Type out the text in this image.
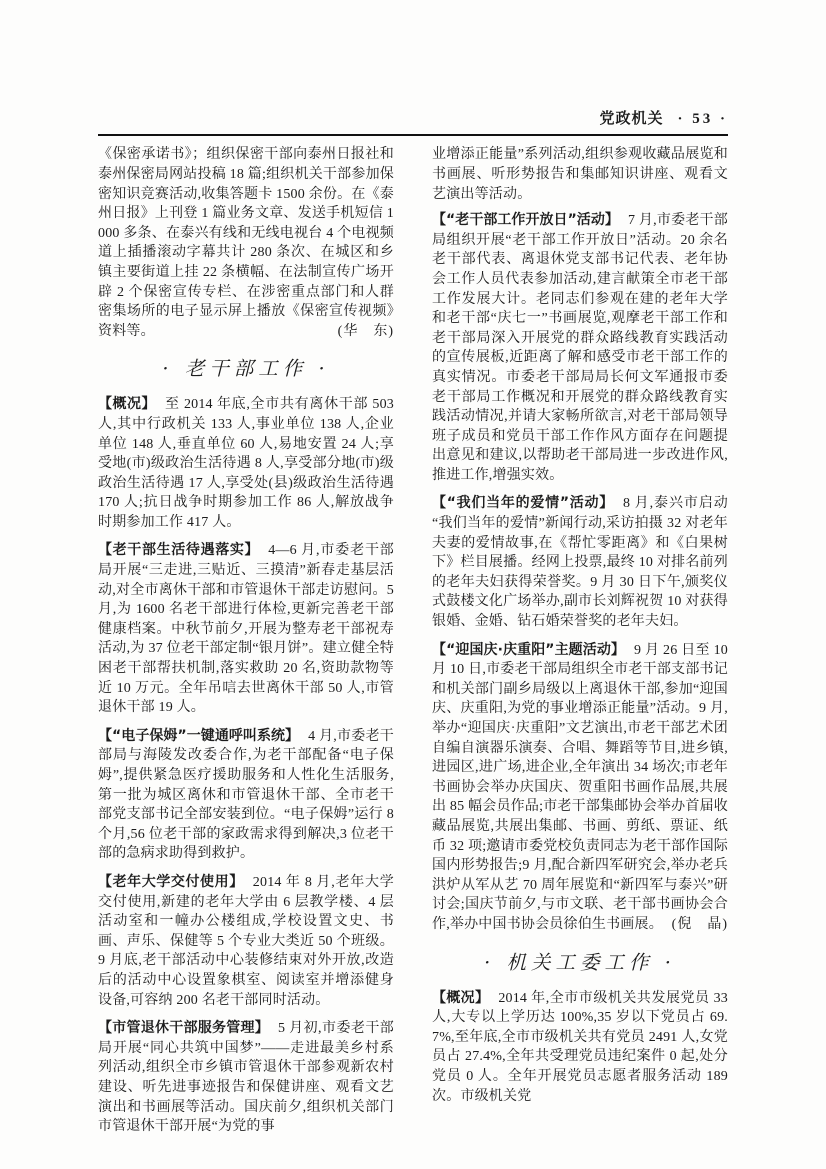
党政机关 · 53 ·

《保密承诺书》；组织保密干部向泰州日报社和泰州保密局网站投稿 18 篇;组织机关干部参加保密知识竞赛活动,收集答题卡 1500 余份。在《泰州日报》上刊登 1 篇业务文章、发送手机短信 1000 多条、在泰兴有线和无线电视台 4 个电视频道上插播滚动字幕共计 280 条次、在城区和乡镇主要街道上挂 22 条横幅、在法制宣传广场开辟 2 个保密宣传专栏、在涉密重点部门和人群密集场所的电子显示屏上播放《保密宣传视频》资料等。	(华　东)

· 老干部工作 ·

【概况】 至 2014 年底,全市共有离休干部 503 人,其中行政机关 133 人,事业单位 138 人,企业单位 148 人,垂直单位 60 人,易地安置 24 人;享受地(市)级政治生活待遇 8 人,享受部分地(市)级政治生活待遇 17 人,享受处(县)级政治生活待遇 170 人;抗日战争时期参加工作 86 人,解放战争时期参加工作 417 人。

【老干部生活待遇落实】 4—6 月,市委老干部局开展“三走进,三贴近、三摸清”新春走基层活动,对全市离休干部和市管退休干部走访慰问。5 月,为 1600 名老干部进行体检,更新完善老干部健康档案。中秋节前夕,开展为整寿老干部祝寿活动,为 37 位老干部定制“银月饼”。建立健全特困老干部帮扶机制,落实救助 20 名,资助款物等近 10 万元。全年吊唁去世离休干部 50 人,市管退休干部 19 人。

【“电子保姆”一键通呼叫系统】 4 月,市委老干部局与海陵发改委合作,为老干部配备“电子保姆”,提供紧急医疗援助服务和人性化生活服务,第一批为城区离休和市管退休干部、全市老干部党支部书记全部安装到位。“电子保姆”运行 8 个月,56 位老干部的家政需求得到解决,3 位老干部的急病求助得到救护。

【老年大学交付使用】 2014 年 8 月,老年大学交付使用,新建的老年大学由 6 层教学楼、4 层活动室和一幢办公楼组成,学校设置文史、书画、声乐、保健等 5 个专业大类近 50 个班级。9 月底,老干部活动中心装修结束对外开放,改造后的活动中心设置象棋室、阅读室并增添健身设备,可容纳 200 名老干部同时活动。

【市管退休干部服务管理】 5 月初,市委老干部局开展“同心共筑中国梦”——走进最美乡村系列活动,组织全市乡镇市管退休干部参观新农村建设、听先进事迹报告和保健讲座、观看文艺演出和书画展等活动。国庆前夕,组织机关部门市管退休干部开展“为党的事

业增添正能量”系列活动,组织参观收藏品展览和书画展、听形势报告和集邮知识讲座、观看文艺演出等活动。

【“老干部工作开放日”活动】 7 月,市委老干部局组织开展“老干部工作开放日”活动。20 余名老干部代表、离退休党支部书记代表、老年协会工作人员代表参加活动,建言献策全市老干部工作发展大计。老同志们参观在建的老年大学和老干部“庆七一”书画展览,观摩老干部工作和老干部局深入开展党的群众路线教育实践活动的宣传展板,近距离了解和感受市老干部工作的真实情况。市委老干部局局长何文军通报市委老干部局工作概况和开展党的群众路线教育实践活动情况,并请大家畅所欲言,对老干部局领导班子成员和党员干部工作作风方面存在问题提出意见和建议,以帮助老干部局进一步改进作风,推进工作,增强实效。

【“我们当年的爱情”活动】 8 月,泰兴市启动“我们当年的爱情”新闻行动,采访拍摄 32 对老年夫妻的爱情故事,在《帮忙零距离》和《白果树下》栏目展播。经网上投票,最终 10 对排名前列的老年夫妇获得荣誉奖。9 月 30 日下午,颁奖仪式鼓楼文化广场举办,副市长刘辉祝贺 10 对获得银婚、金婚、钻石婚荣誉奖的老年夫妇。

【“迎国庆·庆重阳”主题活动】 9 月 26 日至 10 月 10 日,市委老干部局组织全市老干部支部书记和机关部门副乡局级以上离退休干部,参加“迎国庆、庆重阳,为党的事业增添正能量”活动。9 月,举办“迎国庆·庆重阳”文艺演出,市老干部艺术团自编自演器乐演奏、合唱、舞蹈等节目,进乡镇,进园区,进广场,进企业,全年演出 34 场次;市老年书画协会举办庆国庆、贺重阳书画作品展,共展出 85 幅会员作品;市老干部集邮协会举办首届收藏品展览,共展出集邮、书画、剪纸、票证、纸币 32 项;邀请市委党校负责同志为老干部作国际国内形势报告;9 月,配合新四军研究会,举办老兵洪炉从军从艺 70 周年展览和“新四军与泰兴”研讨会;国庆节前夕,与市文联、老干部书画协会合作,举办中国书协会员徐伯生书画展。 (倪　晶)

· 机关工委工作 ·

【概况】 2014 年,全市市级机关共发展党员 33 人,大专以上学历达 100%,35 岁以下党员占 69.7%,至年底,全市市级机关共有党员 2491 人,女党员占 27.4%,全年共受理党员违纪案件 0 起,处分党员 0 人。全年开展党员志愿者服务活动 189 次。市级机关党
